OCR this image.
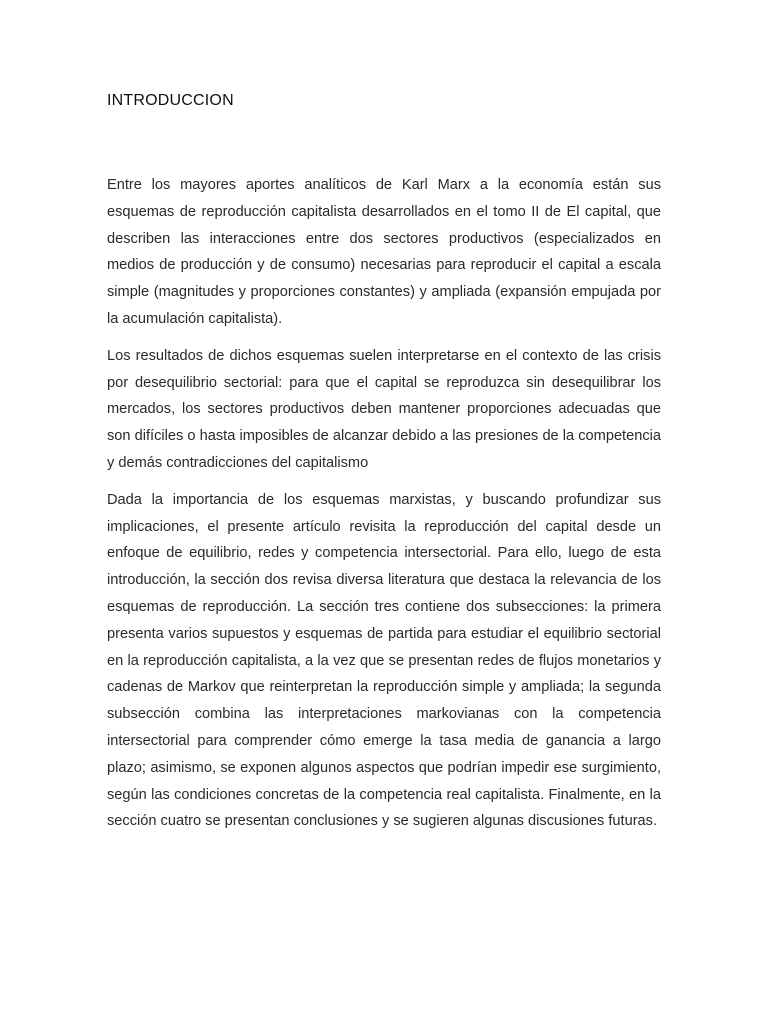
INTRODUCCION

Entre los mayores aportes analíticos de Karl Marx a la economía están sus esquemas de reproducción capitalista desarrollados en el tomo II de El capital, que describen las interacciones entre dos sectores productivos (especializados en medios de producción y de consumo) necesarias para reproducir el capital a escala simple (magnitudes y proporciones constantes) y ampliada (expansión empujada por la acumulación capitalista).

Los resultados de dichos esquemas suelen interpretarse en el contexto de las crisis por desequilibrio sectorial: para que el capital se reproduzca sin desequilibrar los mercados, los sectores productivos deben mantener proporciones adecuadas que son difíciles o hasta imposibles de alcanzar debido a las presiones de la competencia y demás contradicciones del capitalismo

Dada la importancia de los esquemas marxistas, y buscando profundizar sus implicaciones, el presente artículo revisita la reproducción del capital desde un enfoque de equilibrio, redes y competencia intersectorial. Para ello, luego de esta introducción, la sección dos revisa diversa literatura que destaca la relevancia de los esquemas de reproducción. La sección tres contiene dos subsecciones: la primera presenta varios supuestos y esquemas de partida para estudiar el equilibrio sectorial en la reproducción capitalista, a la vez que se presentan redes de flujos monetarios y cadenas de Markov que reinterpretan la reproducción simple y ampliada; la segunda subsección combina las interpretaciones markovianas con la competencia intersectorial para comprender cómo emerge la tasa media de ganancia a largo plazo; asimismo, se exponen algunos aspectos que podrían impedir ese surgimiento, según las condiciones concretas de la competencia real capitalista. Finalmente, en la sección cuatro se presentan conclusiones y se sugieren algunas discusiones futuras.
